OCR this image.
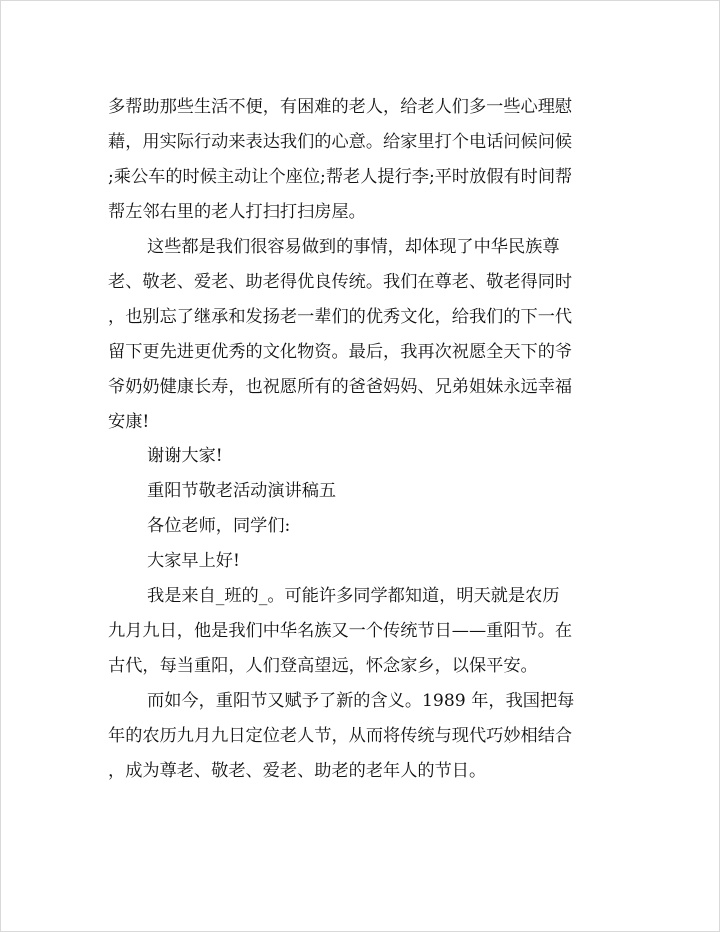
多帮助那些生活不便，有困难的老人，给老人们多一些心理慰
藉，用实际行动来表达我们的心意。给家里打个电话问候问候
;乘公车的时候主动让个座位;帮老人提行李;平时放假有时间帮
帮左邻右里的老人打扫打扫房屋。
这些都是我们很容易做到的事情，却体现了中华民族尊
老、敬老、爱老、助老得优良传统。我们在尊老、敬老得同时
，也别忘了继承和发扬老一辈们的优秀文化，给我们的下一代
留下更先进更优秀的文化物资。最后，我再次祝愿全天下的爷
爷奶奶健康长寿，也祝愿所有的爸爸妈妈、兄弟姐妹永远幸福
安康!
谢谢大家!
重阳节敬老活动演讲稿五
各位老师，同学们:
大家早上好!
我是来自_班的_。可能许多同学都知道，明天就是农历
九月九日，他是我们中华名族又一个传统节日——重阳节。在
古代，每当重阳，人们登高望远，怀念家乡，以保平安。
而如今，重阳节又赋予了新的含义。1989 年，我国把每
年的农历九月九日定位老人节，从而将传统与现代巧妙相结合
，成为尊老、敬老、爱老、助老的老年人的节日。
